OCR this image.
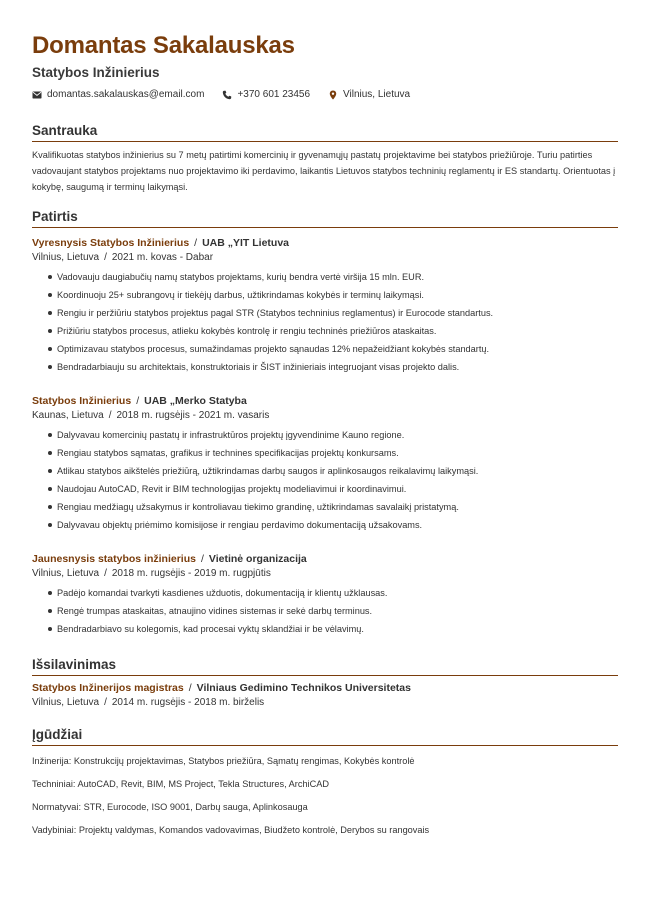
Domantas Sakalauskas
Statybos Inžinierius
domantas.sakalauskas@email.com	+370 601 23456	Vilnius, Lietuva
Santrauka
Kvalifikuotas statybos inžinierius su 7 metų patirtimi komercinių ir gyvenamųjų pastatų projektavime bei statybos priežiūroje. Turiu patirties vadovaujant statybos projektams nuo projektavimo iki perdavimo, laikantis Lietuvos statybos techninių reglamentų ir ES standartų. Orientuotas į kokybę, saugumą ir terminų laikymąsi.
Patirtis
Vyresnysis Statybos Inžinierius / UAB „YIT Lietuva
Vilnius, Lietuva / 2021 m. kovas - Dabar
Vadovauju daugiabučių namų statybos projektams, kurių bendra vertė viršija 15 mln. EUR.
Koordinuoju 25+ subrangovų ir tiekėjų darbus, užtikrindamas kokybės ir terminų laikymąsi.
Rengiu ir peržiūriu statybos projektus pagal STR (Statybos techninius reglamentus) ir Eurocode standartus.
Prižiūriu statybos procesus, atlieku kokybės kontrolę ir rengiu techninės priežiūros ataskaitas.
Optimizavau statybos procesus, sumažindamas projekto sąnaudas 12% nepažeidžiant kokybės standartų.
Bendradarbiauju su architektais, konstruktoriais ir ŠIST inžinieriais integruojant visas projekto dalis.
Statybos Inžinierius / UAB „Merko Statyba
Kaunas, Lietuva / 2018 m. rugsėjis - 2021 m. vasaris
Dalyvavau komercinių pastatų ir infrastruktūros projektų įgyvendinime Kauno regione.
Rengiau statybos sąmatas, grafikus ir technines specifikacijas projektų konkursams.
Atlikau statybos aikštelės priežiūrą, užtikrindamas darbų saugos ir aplinkosaugos reikalavimų laikymąsi.
Naudojau AutoCAD, Revit ir BIM technologijas projektų modeliavimui ir koordinavimui.
Rengiau medžiagų užsakymus ir kontroliavau tiekimo grandinę, užtikrindamas savalaikį pristatymą.
Dalyvavau objektų priėmimo komisijose ir rengiau perdavimo dokumentaciją užsakovams.
Jaunesnysis statybos inžinierius / Vietinė organizacija
Vilnius, Lietuva / 2018 m. rugsėjis - 2019 m. rugpjūtis
Padėjo komandai tvarkyti kasdienes užduotis, dokumentaciją ir klientų užklausas.
Rengė trumpas ataskaitas, atnaujino vidines sistemas ir sekė darbų terminus.
Bendradarbiavo su kolegomis, kad procesai vyktų sklandžiai ir be vėlavimų.
Išsilavinimas
Statybos Inžinerijos magistras / Vilniaus Gedimino Technikos Universitetas
Vilnius, Lietuva / 2014 m. rugsėjis - 2018 m. birželis
Įgūdžiai
Inžinerija: Konstrukcijų projektavimas, Statybos priežiūra, Sąmatų rengimas, Kokybės kontrolė
Techniniai: AutoCAD, Revit, BIM, MS Project, Tekla Structures, ArchiCAD
Normatyvai: STR, Eurocode, ISO 9001, Darbų sauga, Aplinkosauga
Vadybiniai: Projektų valdymas, Komandos vadovavimas, Biudžeto kontrolė, Derybos su rangovais
